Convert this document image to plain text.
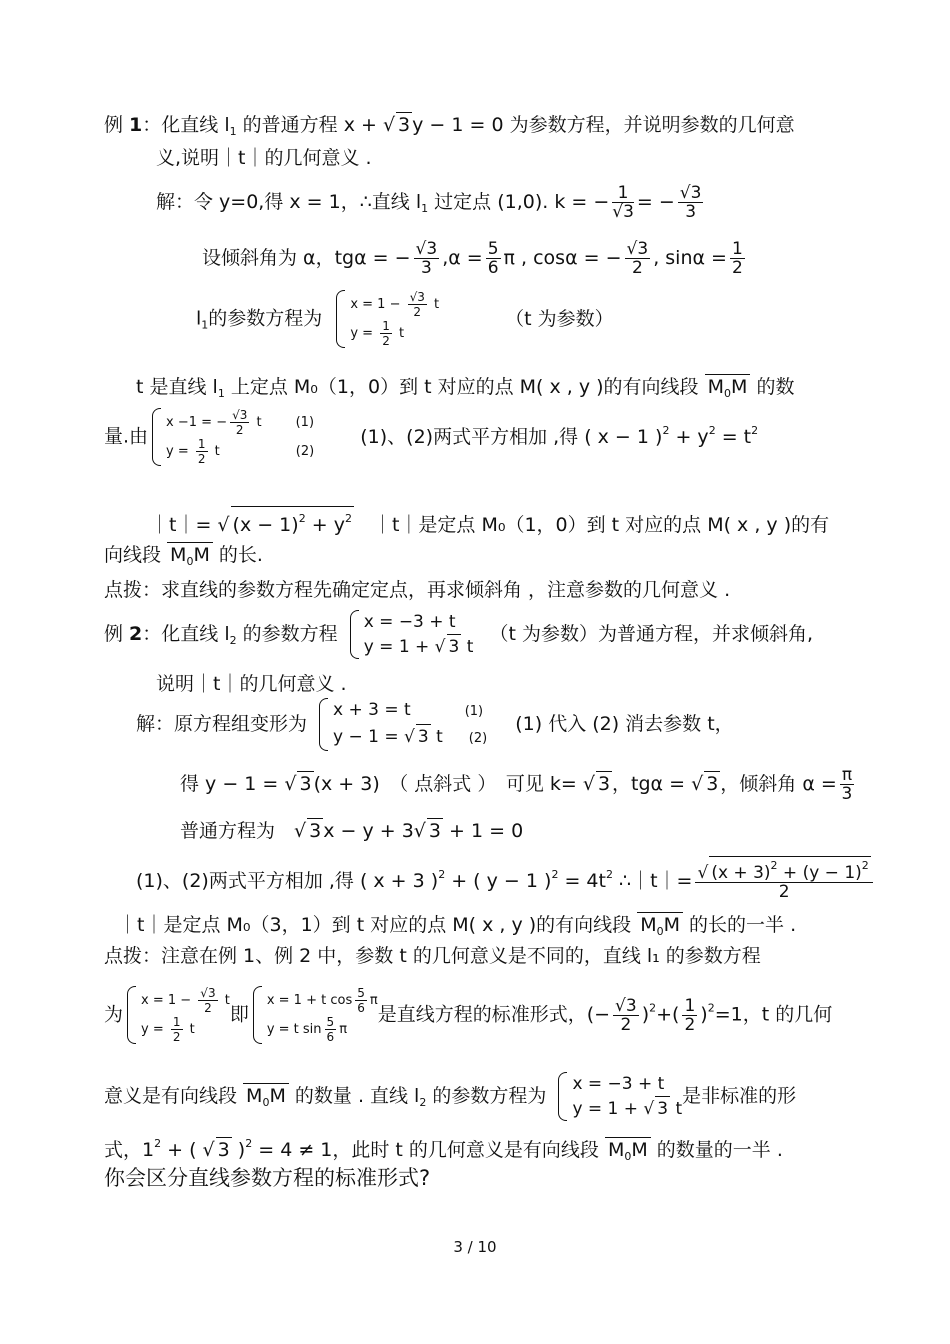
例 1：化直线 $l_1$ 的普通方程 x + √ 3 y − 1 = 0 为参数方程，并说明参数的几何意
义,说明｜t｜的几何意义 .
解：令 y=0,得 x = 1，∴直线 $l_1$ 过定点 (1,0). k = − $\frac{1}{√3}$ = − $\frac{√3}{3}$
设倾斜角为 α，tgα = − $\frac{√3}{3} ,\alpha = \frac{5}{6}$ π , cosα = − $\frac{√3}{2}$ , $\sin\alpha = \frac{1}{2}$
$l_1$的参数方程为
$x = 1 - \frac{√3}{2}$ t
$y = \frac{1}{2}$ t
（t 为参数）
t 是直线 $l_1$ 上定点 M₀（1，0）到 t 对应的点 M( x , y )的有向线段 $M_0M$ 的数
量.由
x −1 = − $\frac{√3}{2}$ t	(1)
$y = \frac{1}{2}$ t	(2)
(1)、(2)两式平方相加 ,得 ( x − 1 )$^2 + y^2 = t^2$
｜t｜= √ $(x - 1)^2 + y^2$　｜t｜是定点 M₀（1，0）到 t 对应的点 M( x , y )的有
向线段 $M_0M$ 的长.
点拨：求直线的参数方程先确定定点，再求倾斜角 ，注意参数的几何意义 .
例 2：化直线 $l_2$ 的参数方程
x = −3 + t
y = 1 + √ 3 t
（t 为参数）为普通方程，并求倾斜角,
说明｜t｜的几何意义 .
解：原方程组变形为
x + 3 = t	(1)
y − 1 = √ 3 t (2)
(1) 代入 (2) 消去参数 t，
得 y − 1 = √ 3 (x + 3)　（ 点斜式 ）　可见 k= √ 3 ，tgα = √ 3 ，倾斜角 $\alpha = \frac{\pi}{3}$
普通方程为　√ 3 x − y + 3√ 3 + 1 = 0
(1)、(2)两式平方相加 ,得 ( x + 3 )$^2$ + ( y − 1 )$^2 = 4t^2$ ∴｜t｜= $\frac{√ (x + 3)^2 + (y - 1)^2}{2}$
｜t｜是定点 M₀（3，1）到 t 对应的点 M( x , y )的有向线段 $M_0M$ 的长的一半 .
点拨：注意在例 1、例 2 中，参数 t 的几何意义是不同的，直线 l₁ 的参数方程
为
$x = 1 - \frac{√3}{2}$ t
$y = \frac{1}{2}$ t
即
x = 1 + t $\cos \frac{5}{6}$ π
y = t $\sin \frac{5}{6}$ π
是直线方程的标准形式，(− $\frac{√3}{2} )^2+( \frac{1}{2} )^2=1$，t 的几何
意义是有向线段 $M_0M$ 的数量 . 直线 $l_2$ 的参数方程为
x = −3 + t
y = 1 + √ 3 t
是非标准的形
式，$1^2$ + ( √ 3 )$^2$ = 4 ≠ 1，此时 t 的几何意义是有向线段 $M_0M$ 的数量的一半 .
你会区分直线参数方程的标准形式?
3 / 10
